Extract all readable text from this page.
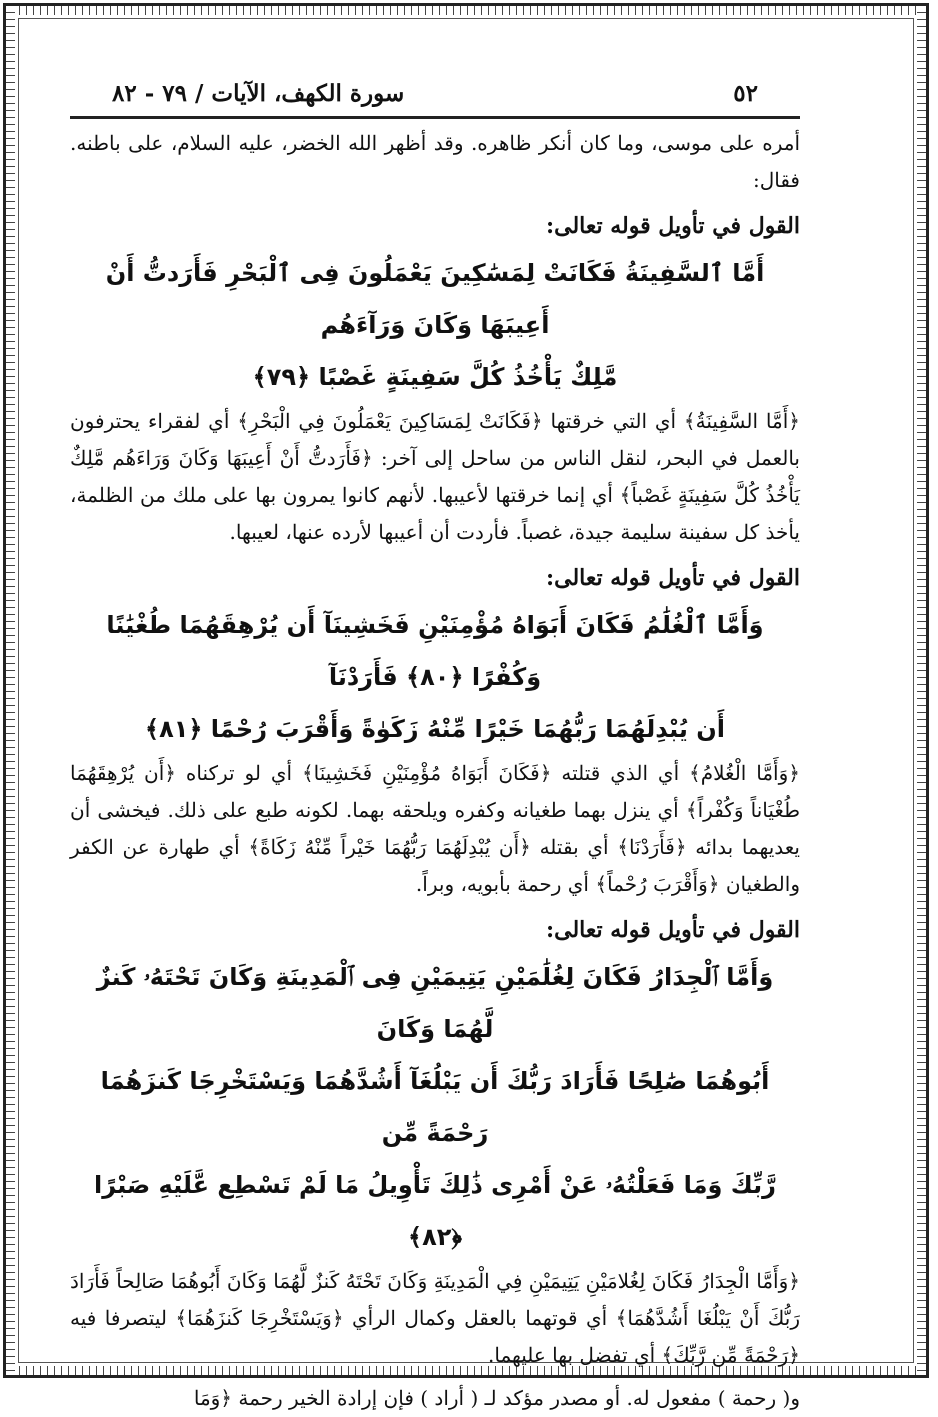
٥٢
سورة الكهف، الآيات / ٧٩ - ٨٢
أمره على موسى، وما كان أنكر ظاهره. وقد أظهر الله الخضر، عليه السلام، على باطنه. فقال:
القول في تأويل قوله تعالى:
أَمَّا ٱلسَّفِينَةُ فَكَانَتْ لِمَسَٰكِينَ يَعْمَلُونَ فِى ٱلْبَحْرِ فَأَرَدتُّ أَنْ أَعِيبَهَا وَكَانَ وَرَآءَهُم
مَّلِكٌ يَأْخُذُ كُلَّ سَفِينَةٍ غَصْبًا ﴿٧٩﴾
﴿أَمَّا السَّفِينَةُ﴾ أي التي خرقتها ﴿فَكَانَتْ لِمَسَاكِينَ يَعْمَلُونَ فِي الْبَحْرِ﴾ أي لفقراء يحترفون بالعمل في البحر، لنقل الناس من ساحل إلى آخر: ﴿فَأَرَدتُّ أَنْ أَعِيبَهَا وَكَانَ وَرَاءَهُم مَّلِكٌ يَأْخُذُ كُلَّ سَفِينَةٍ غَصْباً﴾ أي إنما خرقتها لأعيبها. لأنهم كانوا يمرون بها على ملك من الظلمة، يأخذ كل سفينة سليمة جيدة، غصباً. فأردت أن أعيبها لأرده عنها، لعيبها.
القول في تأويل قوله تعالى:
وَأَمَّا ٱلْغُلَٰمُ فَكَانَ أَبَوَاهُ مُؤْمِنَيْنِ فَخَشِينَآ أَن يُرْهِقَهُمَا طُغْيَٰنًا وَكُفْرًا ﴿٨٠﴾ فَأَرَدْنَآ
أَن يُبْدِلَهُمَا رَبُّهُمَا خَيْرًا مِّنْهُ زَكَوٰةً وَأَقْرَبَ رُحْمًا ﴿٨١﴾
﴿وَأَمَّا الْغُلامُ﴾ أي الذي قتلته ﴿فَكَانَ أَبَوَاهُ مُؤْمِنَيْنِ فَخَشِينَا﴾ أي لو تركناه ﴿أَن يُرْهِقَهُمَا طُغْيَاناً وَكُفْراً﴾ أي ينزل بهما طغيانه وكفره ويلحقه بهما. لكونه طبع على ذلك. فيخشى أن يعديهما بدائه ﴿فَأَرَدْنَا﴾ أي بقتله ﴿أَن يُبْدِلَهُمَا رَبُّهُمَا خَيْراً مِّنْهُ زَكَاةً﴾ أي طهارة عن الكفر والطغيان ﴿وَأَقْرَبَ رُحْماً﴾ أي رحمة بأبويه، وبراً.
القول في تأويل قوله تعالى:
وَأَمَّا ٱلْجِدَارُ فَكَانَ لِغُلَٰمَيْنِ يَتِيمَيْنِ فِى ٱلْمَدِينَةِ وَكَانَ تَحْتَهُۥ كَنزٌ لَّهُمَا وَكَانَ
أَبُوهُمَا صَٰلِحًا فَأَرَادَ رَبُّكَ أَن يَبْلُغَآ أَشُدَّهُمَا وَيَسْتَخْرِجَا كَنزَهُمَا رَحْمَةً مِّن
رَّبِّكَ وَمَا فَعَلْتُهُۥ عَنْ أَمْرِى ذَٰلِكَ تَأْوِيلُ مَا لَمْ تَسْطِع عَّلَيْهِ صَبْرًا ﴿٨٢﴾
﴿وَأَمَّا الْجِدَارُ فَكَانَ لِغُلامَيْنِ يَتِيمَيْنِ فِي الْمَدِينَةِ وَكَانَ تَحْتَهُ كَنزٌ لَّهُمَا وَكَانَ أَبُوهُمَا صَالِحاً فَأَرَادَ رَبُّكَ أَنْ يَبْلُغَا أَشُدَّهُمَا﴾ أي قوتهما بالعقل وكمال الرأي ﴿وَيَسْتَخْرِجَا كَنزَهُمَا﴾ ليتصرفا فيه ﴿رَحْمَةً مِّن رَّبِّكَ﴾ أي تفضل بها عليهما.
و( رحمة ) مفعول له. أو مصدر مؤكد لـ ( أراد ) فإن إرادة الخير رحمة ﴿وَمَا
